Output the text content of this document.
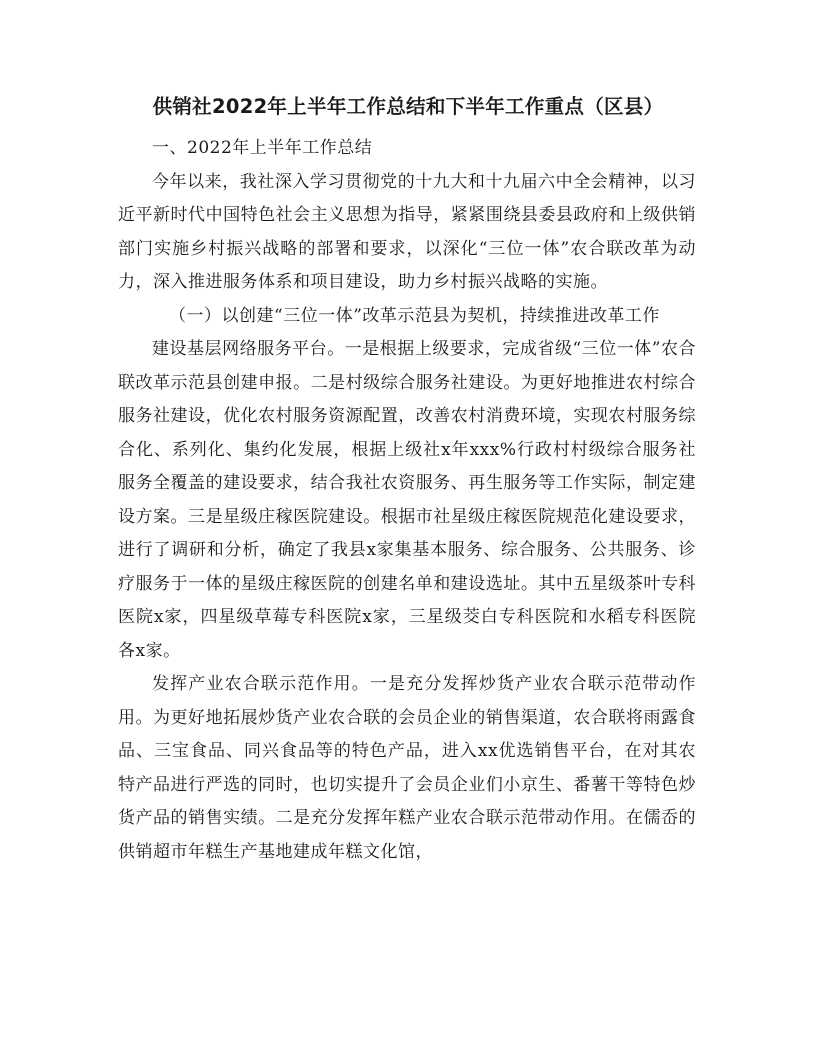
供销社2022年上半年工作总结和下半年工作重点（区县）

一、2022年上半年工作总结

今年以来，我社深入学习贯彻党的十九大和十九届六中全会精神，以习近平新时代中国特色社会主义思想为指导，紧紧围绕县委县政府和上级供销部门实施乡村振兴战略的部署和要求，以深化“三位一体”农合联改革为动力，深入推进服务体系和项目建设，助力乡村振兴战略的实施。

（一）以创建“三位一体”改革示范县为契机，持续推进改革工作

建设基层网络服务平台。一是根据上级要求，完成省级“三位一体”农合联改革示范县创建申报。二是村级综合服务社建设。为更好地推进农村综合服务社建设，优化农村服务资源配置，改善农村消费环境，实现农村服务综合化、系列化、集约化发展，根据上级社x年xxx%行政村村级综合服务社服务全覆盖的建设要求，结合我社农资服务、再生服务等工作实际，制定建设方案。三是星级庄稼医院建设。根据市社星级庄稼医院规范化建设要求，进行了调研和分析，确定了我县x家集基本服务、综合服务、公共服务、诊疗服务于一体的星级庄稼医院的创建名单和建设选址。其中五星级茶叶专科医院x家，四星级草莓专科医院x家，三星级茭白专科医院和水稻专科医院各x家。

发挥产业农合联示范作用。一是充分发挥炒货产业农合联示范带动作用。为更好地拓展炒货产业农合联的会员企业的销售渠道，农合联将雨露食品、三宝食品、同兴食品等的特色产品，进入xx优选销售平台，在对其农特产品进行严选的同时，也切实提升了会员企业们小京生、番薯干等特色炒货产品的销售实绩。二是充分发挥年糕产业农合联示范带动作用。在儒岙的供销超市年糕生产基地建成年糕文化馆，
